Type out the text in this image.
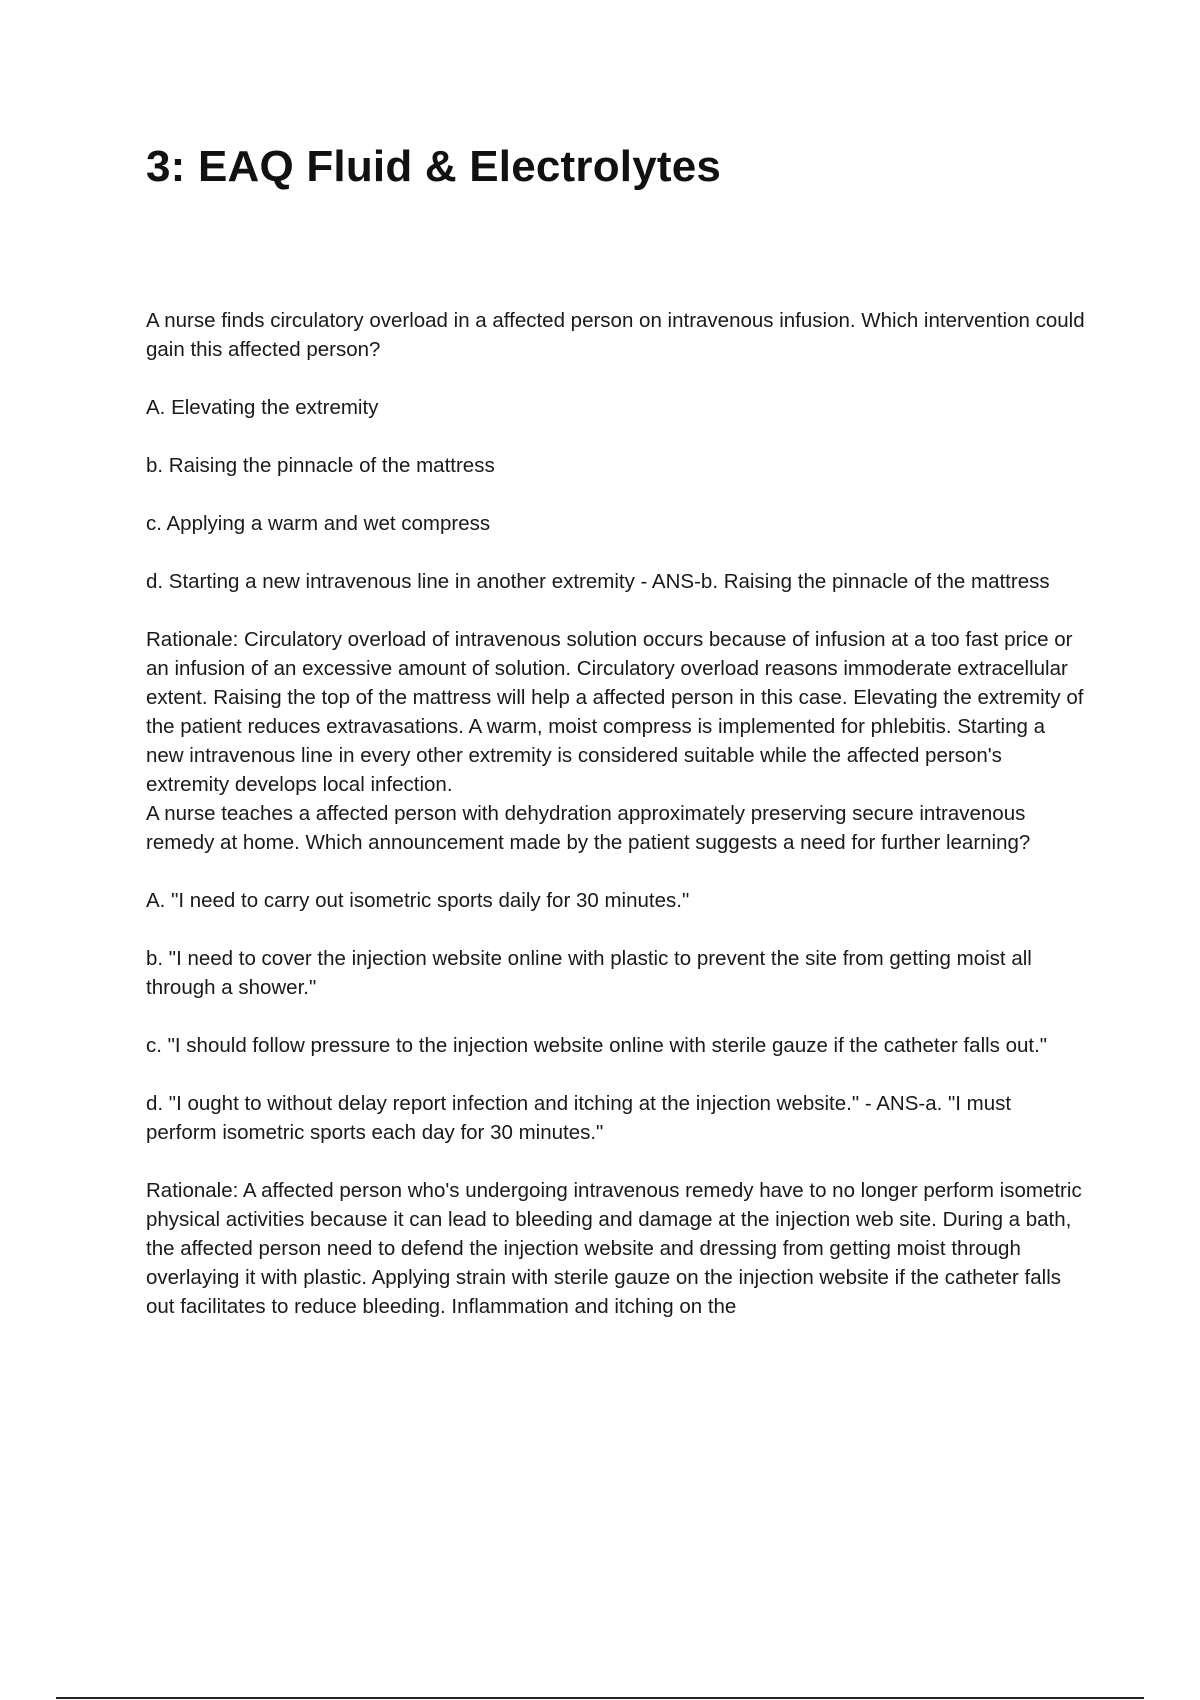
3: EAQ Fluid & Electrolytes

A nurse finds circulatory overload in a affected person on intravenous infusion. Which intervention could gain this affected person?

A. Elevating the extremity

b. Raising the pinnacle of the mattress

c. Applying a warm and wet compress

d. Starting a new intravenous line in another extremity - ANS-b. Raising the pinnacle of the mattress

Rationale: Circulatory overload of intravenous solution occurs because of infusion at a too fast price or an infusion of an excessive amount of solution. Circulatory overload reasons immoderate extracellular extent. Raising the top of the mattress will help a affected person in this case. Elevating the extremity of the patient reduces extravasations. A warm, moist compress is implemented for phlebitis. Starting a new intravenous line in every other extremity is considered suitable while the affected person's extremity develops local infection.

A nurse teaches a affected person with dehydration approximately preserving secure intravenous remedy at home. Which announcement made by the patient suggests a need for further learning?

A. "I need to carry out isometric sports daily for 30 minutes."

b. "I need to cover the injection website online with plastic to prevent the site from getting moist all through a shower."

c. "I should follow pressure to the injection website online with sterile gauze if the catheter falls out."

d. "I ought to without delay report infection and itching at the injection website." - ANS-a. "I must perform isometric sports each day for 30 minutes."

Rationale: A affected person who's undergoing intravenous remedy have to no longer perform isometric physical activities because it can lead to bleeding and damage at the injection web site. During a bath, the affected person need to defend the injection website and dressing from getting moist through overlaying it with plastic. Applying strain with sterile gauze on the injection website if the catheter falls out facilitates to reduce bleeding. Inflammation and itching on the
